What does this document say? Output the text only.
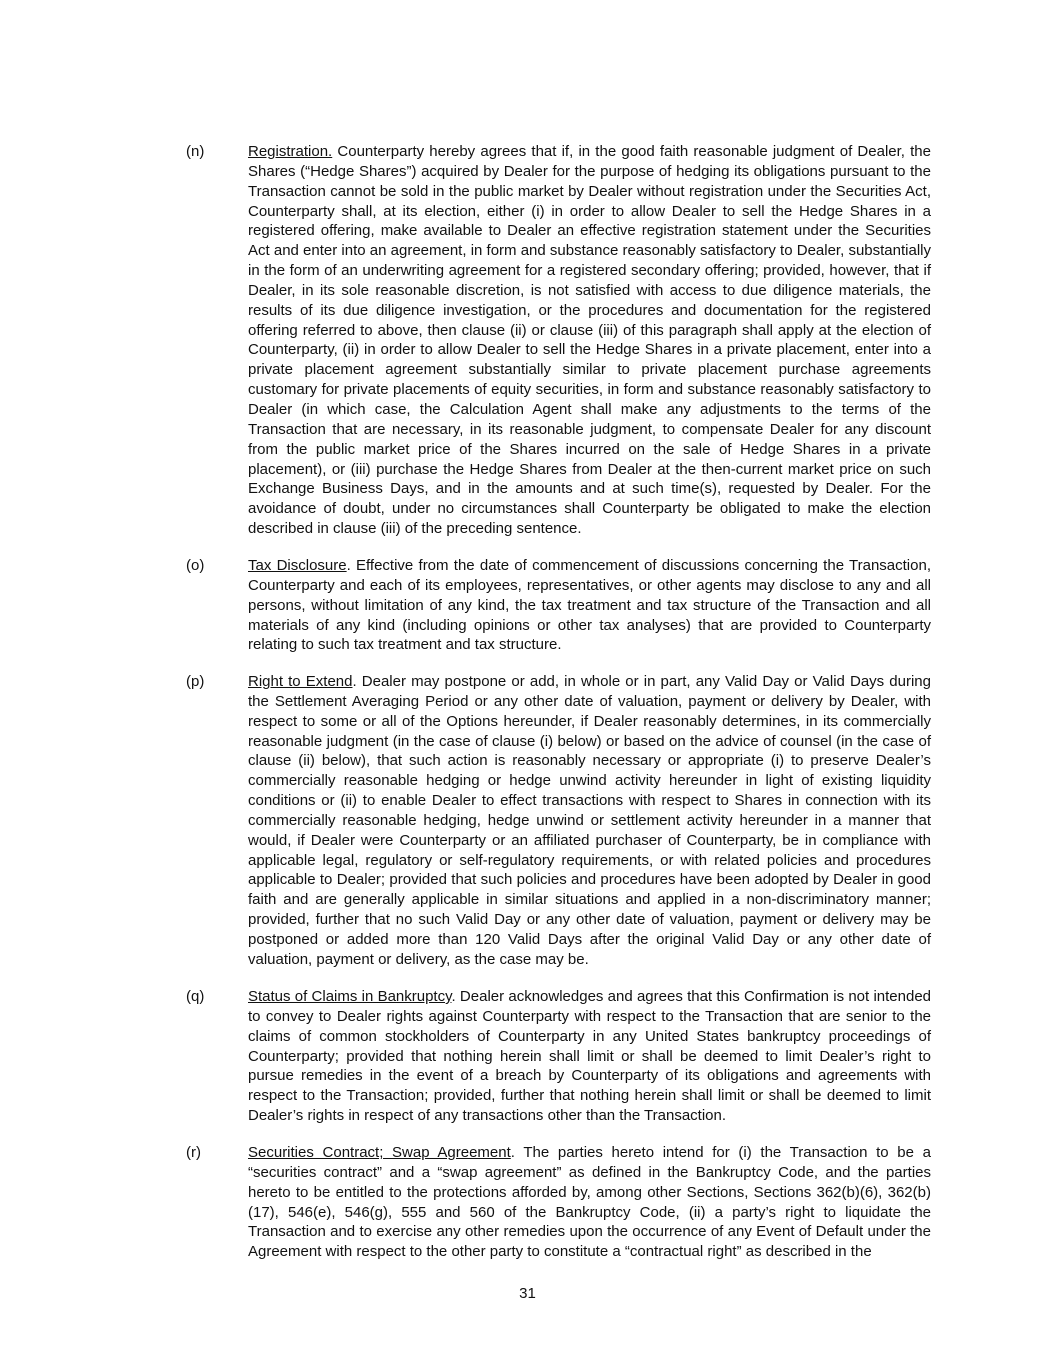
(n)	Registration. Counterparty hereby agrees that if, in the good faith reasonable judgment of Dealer, the Shares (“Hedge Shares”) acquired by Dealer for the purpose of hedging its obligations pursuant to the Transaction cannot be sold in the public market by Dealer without registration under the Securities Act, Counterparty shall, at its election, either (i) in order to allow Dealer to sell the Hedge Shares in a registered offering, make available to Dealer an effective registration statement under the Securities Act and enter into an agreement, in form and substance reasonably satisfactory to Dealer, substantially in the form of an underwriting agreement for a registered secondary offering; provided, however, that if Dealer, in its sole reasonable discretion, is not satisfied with access to due diligence materials, the results of its due diligence investigation, or the procedures and documentation for the registered offering referred to above, then clause (ii) or clause (iii) of this paragraph shall apply at the election of Counterparty, (ii) in order to allow Dealer to sell the Hedge Shares in a private placement, enter into a private placement agreement substantially similar to private placement purchase agreements customary for private placements of equity securities, in form and substance reasonably satisfactory to Dealer (in which case, the Calculation Agent shall make any adjustments to the terms of the Transaction that are necessary, in its reasonable judgment, to compensate Dealer for any discount from the public market price of the Shares incurred on the sale of Hedge Shares in a private placement), or (iii) purchase the Hedge Shares from Dealer at the then-current market price on such Exchange Business Days, and in the amounts and at such time(s), requested by Dealer. For the avoidance of doubt, under no circumstances shall Counterparty be obligated to make the election described in clause (iii) of the preceding sentence.
(o)	Tax Disclosure. Effective from the date of commencement of discussions concerning the Transaction, Counterparty and each of its employees, representatives, or other agents may disclose to any and all persons, without limitation of any kind, the tax treatment and tax structure of the Transaction and all materials of any kind (including opinions or other tax analyses) that are provided to Counterparty relating to such tax treatment and tax structure.
(p)	Right to Extend. Dealer may postpone or add, in whole or in part, any Valid Day or Valid Days during the Settlement Averaging Period or any other date of valuation, payment or delivery by Dealer, with respect to some or all of the Options hereunder, if Dealer reasonably determines, in its commercially reasonable judgment (in the case of clause (i) below) or based on the advice of counsel (in the case of clause (ii) below), that such action is reasonably necessary or appropriate (i) to preserve Dealer’s commercially reasonable hedging or hedge unwind activity hereunder in light of existing liquidity conditions or (ii) to enable Dealer to effect transactions with respect to Shares in connection with its commercially reasonable hedging, hedge unwind or settlement activity hereunder in a manner that would, if Dealer were Counterparty or an affiliated purchaser of Counterparty, be in compliance with applicable legal, regulatory or self-regulatory requirements, or with related policies and procedures applicable to Dealer; provided that such policies and procedures have been adopted by Dealer in good faith and are generally applicable in similar situations and applied in a non-discriminatory manner; provided, further that no such Valid Day or any other date of valuation, payment or delivery may be postponed or added more than 120 Valid Days after the original Valid Day or any other date of valuation, payment or delivery, as the case may be.
(q)	Status of Claims in Bankruptcy. Dealer acknowledges and agrees that this Confirmation is not intended to convey to Dealer rights against Counterparty with respect to the Transaction that are senior to the claims of common stockholders of Counterparty in any United States bankruptcy proceedings of Counterparty; provided that nothing herein shall limit or shall be deemed to limit Dealer’s right to pursue remedies in the event of a breach by Counterparty of its obligations and agreements with respect to the Transaction; provided, further that nothing herein shall limit or shall be deemed to limit Dealer’s rights in respect of any transactions other than the Transaction.
(r)	Securities Contract; Swap Agreement. The parties hereto intend for (i) the Transaction to be a “securities contract” and a “swap agreement” as defined in the Bankruptcy Code, and the parties hereto to be entitled to the protections afforded by, among other Sections, Sections 362(b)(6), 362(b)(17), 546(e), 546(g), 555 and 560 of the Bankruptcy Code, (ii) a party’s right to liquidate the Transaction and to exercise any other remedies upon the occurrence of any Event of Default under the Agreement with respect to the other party to constitute a “contractual right” as described in the
31
